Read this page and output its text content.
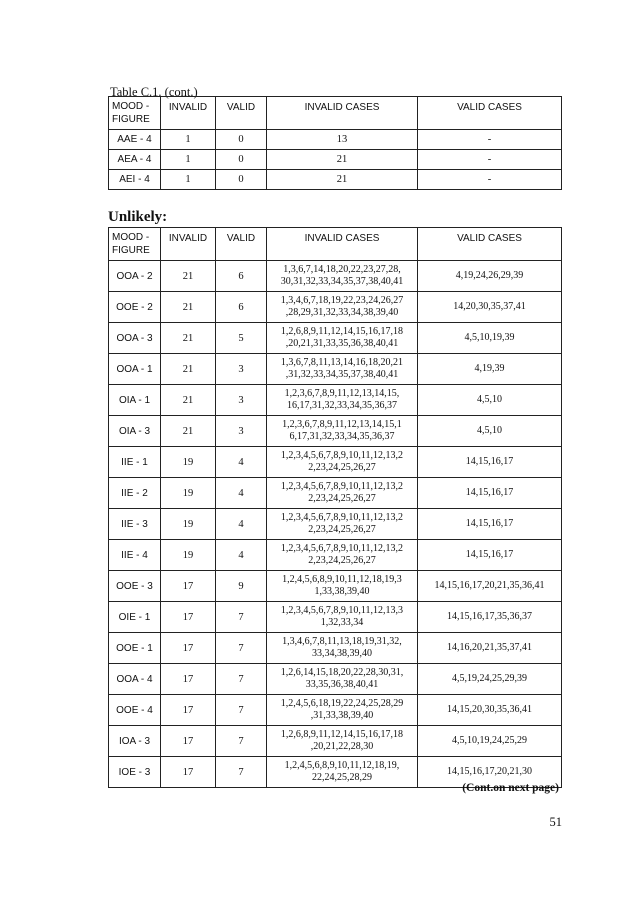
Table C.1. (cont.)
MOOD -
FIGURE	INVALID	VALID	INVALID CASES	VALID CASES
AAE - 4	1	0	13	-
AEA - 4	1	0	21	-
AEI - 4	1	0	21	-
Unlikely:
MOOD -
FIGURE	INVALID	VALID	INVALID CASES	VALID CASES
OOA - 2	21	6	1,3,6,7,14,18,20,22,23,27,28,
30,31,32,33,34,35,37,38,40,41	4,19,24,26,29,39
OOE - 2	21	6	1,3,4,6,7,18,19,22,23,24,26,27
,28,29,31,32,33,34,38,39,40	14,20,30,35,37,41
OOA - 3	21	5	1,2,6,8,9,11,12,14,15,16,17,18
,20,21,31,33,35,36,38,40,41	4,5,10,19,39
OOA - 1	21	3	1,3,6,7,8,11,13,14,16,18,20,21
,31,32,33,34,35,37,38,40,41	4,19,39
OIA - 1	21	3	1,2,3,6,7,8,9,11,12,13,14,15,
16,17,31,32,33,34,35,36,37	4,5,10
OIA - 3	21	3	1,2,3,6,7,8,9,11,12,13,14,15,1
6,17,31,32,33,34,35,36,37	4,5,10
IIE - 1	19	4	1,2,3,4,5,6,7,8,9,10,11,12,13,2
2,23,24,25,26,27	14,15,16,17
IIE - 2	19	4	1,2,3,4,5,6,7,8,9,10,11,12,13,2
2,23,24,25,26,27	14,15,16,17
IIE - 3	19	4	1,2,3,4,5,6,7,8,9,10,11,12,13,2
2,23,24,25,26,27	14,15,16,17
IIE - 4	19	4	1,2,3,4,5,6,7,8,9,10,11,12,13,2
2,23,24,25,26,27	14,15,16,17
OOE - 3	17	9	1,2,4,5,6,8,9,10,11,12,18,19,3
1,33,38,39,40	14,15,16,17,20,21,35,36,41
OIE - 1	17	7	1,2,3,4,5,6,7,8,9,10,11,12,13,3
1,32,33,34	14,15,16,17,35,36,37
OOE - 1	17	7	1,3,4,6,7,8,11,13,18,19,31,32,
33,34,38,39,40	14,16,20,21,35,37,41
OOA - 4	17	7	1,2,6,14,15,18,20,22,28,30,31,
33,35,36,38,40,41	4,5,19,24,25,29,39
OOE - 4	17	7	1,2,4,5,6,18,19,22,24,25,28,29
,31,33,38,39,40	14,15,20,30,35,36,41
IOA - 3	17	7	1,2,6,8,9,11,12,14,15,16,17,18
,20,21,22,28,30	4,5,10,19,24,25,29
IOE - 3	17	7	1,2,4,5,6,8,9,10,11,12,18,19,
22,24,25,28,29	14,15,16,17,20,21,30
(Cont.on next page)
51
